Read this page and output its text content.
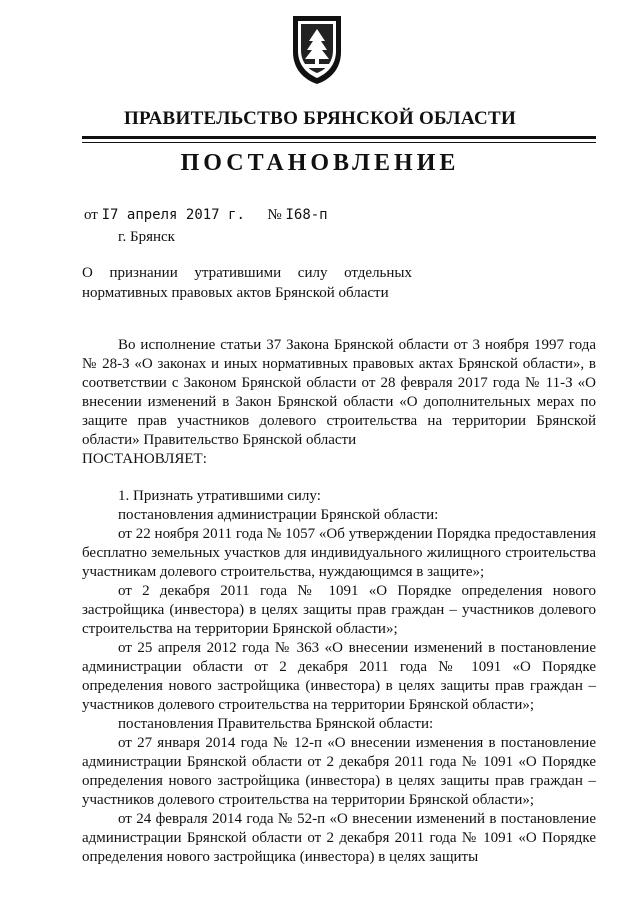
ПРАВИТЕЛЬСТВО БРЯНСКОЙ ОБЛАСТИ
ПОСТАНОВЛЕНИЕ
от I7 апреля 2017 г. № I68-п
г. Брянск
О признании утратившими силу отдельных нормативных правовых актов Брянской области

Во исполнение статьи 37 Закона Брянской области от 3 ноября 1997 года № 28-З «О законах и иных нормативных правовых актах Брянской области», в соответствии с Законом Брянской области от 28 февраля 2017 года № 11-З «О внесении изменений в Закон Брянской области «О дополнительных мерах по защите прав участников долевого строительства на территории Брянской области» Правительство Брянской области

ПОСТАНОВЛЯЕТ:

1. Признать утратившими силу:

постановления администрации Брянской области:

от 22 ноября 2011 года № 1057 «Об утверждении Порядка предоставления бесплатно земельных участков для индивидуального жилищного строительства участникам долевого строительства, нуждающимся в защите»;

от 2 декабря 2011 года № 1091 «О Порядке определения нового застройщика (инвестора) в целях защиты прав граждан – участников долевого строительства на территории Брянской области»;

от 25 апреля 2012 года № 363 «О внесении изменений в постановление администрации области от 2 декабря 2011 года № 1091 «О Порядке определения нового застройщика (инвестора) в целях защиты прав граждан – участников долевого строительства на территории Брянской области»;

постановления Правительства Брянской области:

от 27 января 2014 года № 12-п «О внесении изменения в постановление администрации Брянской области от 2 декабря 2011 года № 1091 «О Порядке определения нового застройщика (инвестора) в целях защиты прав граждан – участников долевого строительства на территории Брянской области»;

от 24 февраля 2014 года № 52-п «О внесении изменений в постановление администрации Брянской области от 2 декабря 2011 года № 1091 «О Порядке определения нового застройщика (инвестора) в целях защиты
